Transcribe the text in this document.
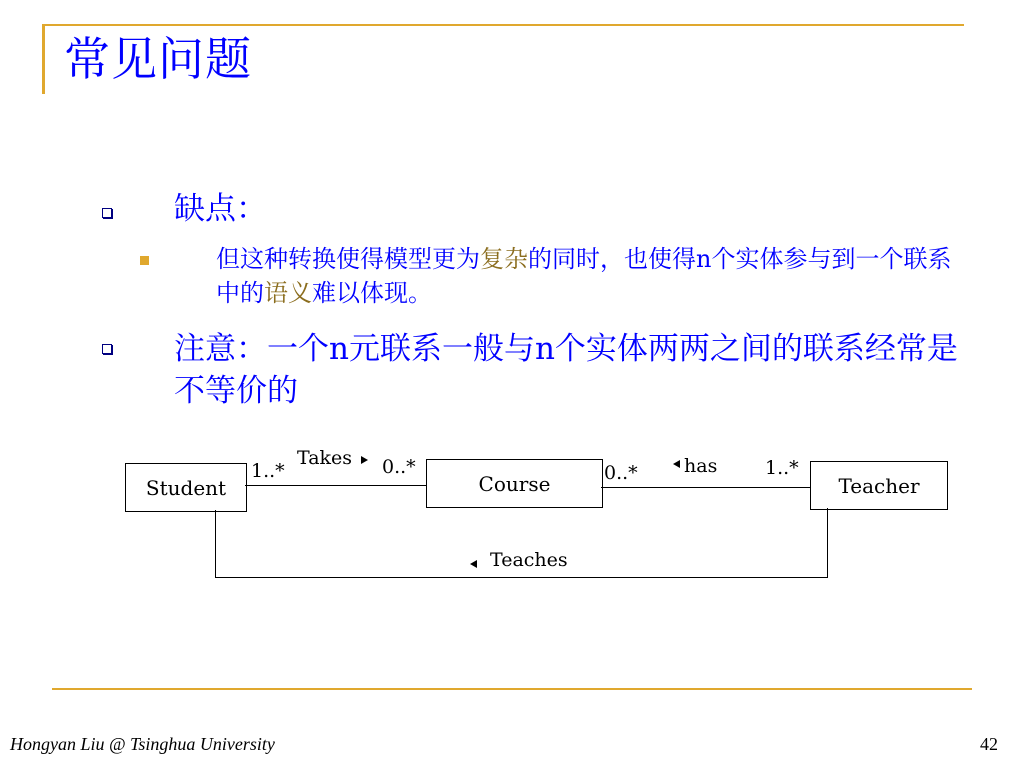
常见问题
缺点：
但这种转换使得模型更为复杂的同时，也使得n个实体参与到一个联系中的语义难以体现。
注意：一个n元联系一般与n个实体两两之间的联系经常是不等价的
Student	Course	Teacher
Takes
1..*	0..*	has
0..*	1..*
Teaches
Hongyan Liu @ Tsinghua University	42
